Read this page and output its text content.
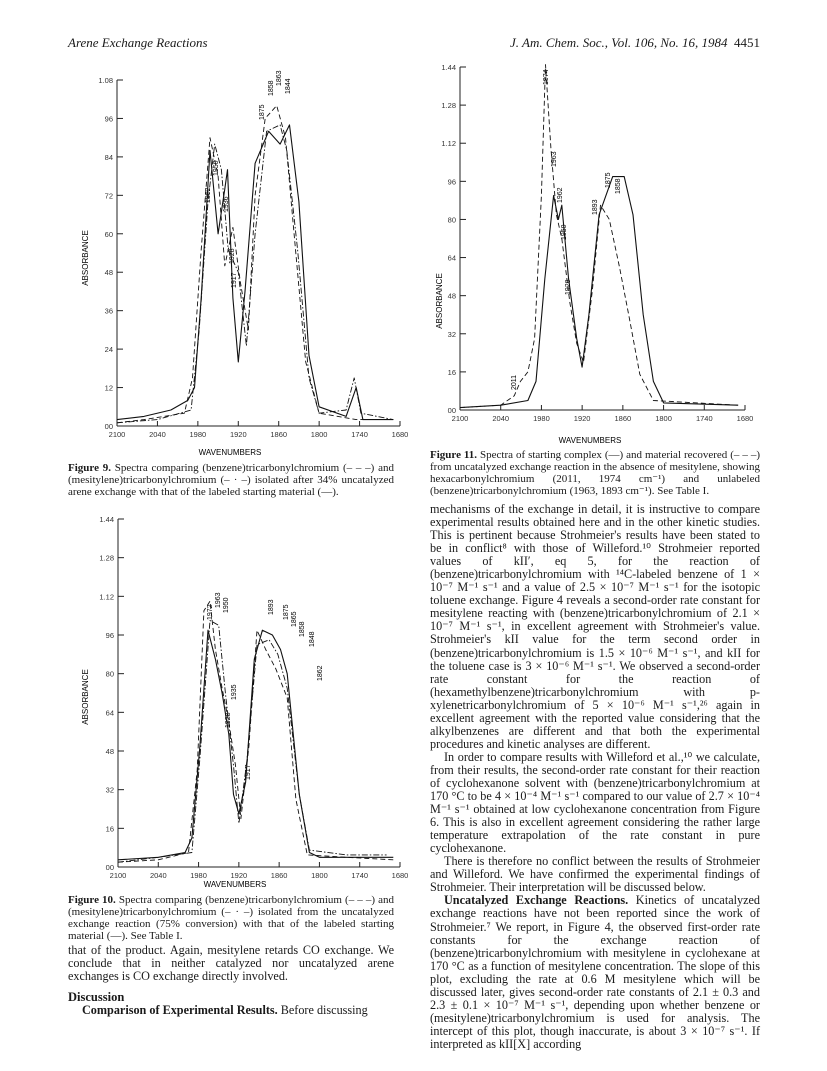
Arene Exchange Reactions	J. Am. Chem. Soc., Vol. 106, No. 16, 1984 4451
1962
1950
1936
1928
1917
1875
1858
1863
1844
ABSORBANCE
WAVENUMBERS
00
12
24
36
48
60
72
84
96
1.08
2100	2040	1980	1920	1860	1800	1740	1680
Figure 9. Spectra comparing (benzene)tricarbonylchromium (– – –) and (mesitylene)tricarbonylchromium (– · –) isolated after 34% uncatalyzed arene exchange with that of the labeled starting material (—).
1972
1963 1950
1935
1928
1917
1893 1875 1865
1858
1848
1862
ABSORBANCE
WAVENUMBERS
00
16
32
48
64
80
96
1.12
1.28
1.44
2100	2040	1980	1920	1860	1800	1740	1680
Figure 10. Spectra comparing (benzene)tricarbonylchromium (– – –) and (mesitylene)tricarbonylchromium (– · –) isolated from the uncatalyzed exchange reaction (75% conversion) with that of the labeled starting material (—). See Table I.

that of the product. Again, mesitylene retards CO exchange. We conclude that in neither catalyzed nor uncatalyzed arene exchanges is CO exchange directly involved.

Discussion

Comparison of Experimental Results. Before discussing

1974
1963
1962
1950
1928
2011
1893
1875 1858
ABSORBANCE
WAVENUMBERS
00
16
32
48
64
80
96
1.12
1.28
1.44
2100	2040	1980	1920	1860	1800	1740	1680
Figure 11. Spectra of starting complex (—) and material recovered (– – –) from uncatalyzed exchange reaction in the absence of mesitylene, showing hexacarbonylchromium (2011, 1974 cm⁻¹) and unlabeled (benzene)tricarbonylchromium (1963, 1893 cm⁻¹). See Table I.

mechanisms of the exchange in detail, it is instructive to compare experimental results obtained here and in the other kinetic studies. This is pertinent because Strohmeier's results have been stated to be in conflict⁸ with those of Willeford.¹⁰ Strohmeier reported values of kII′, eq 5, for the reaction of (benzene)tricarbonylchromium with ¹⁴C-labeled benzene of 1 × 10⁻⁷ M⁻¹ s⁻¹ and a value of 2.5 × 10⁻⁷ M⁻¹ s⁻¹ for the isotopic toluene exchange. Figure 4 reveals a second-order rate constant for mesitylene reacting with (benzene)tricarbonylchromium of 2.1 × 10⁻⁷ M⁻¹ s⁻¹, in excellent agreement with Strohmeier's value. Strohmeier's kII value for the term second order in (benzene)tricarbonylchromium is 1.5 × 10⁻⁶ M⁻¹ s⁻¹, and kII for the toluene case is 3 × 10⁻⁶ M⁻¹ s⁻¹. We observed a second-order rate constant for the reaction of (hexamethylbenzene)tricarbonylchromium with p-xylenetricarbonylchromium of 5 × 10⁻⁶ M⁻¹ s⁻¹,²⁶ again in excellent agreement with the reported value considering that the alkylbenzenes are different and that both the experimental procedures and kinetic analyses are different.

In order to compare results with Willeford et al.,¹⁰ we calculate, from their results, the second-order rate constant for their reaction of cyclohexanone solvent with (benzene)tricarbonylchromium at 170 °C to be 4 × 10⁻⁴ M⁻¹ s⁻¹ compared to our value of 2.7 × 10⁻⁴ M⁻¹ s⁻¹ obtained at low cyclohexanone concentration from Figure 6. This is also in excellent agreement considering the rather large temperature extrapolation of the rate constant in pure cyclohexanone.

There is therefore no conflict between the results of Strohmeier and Willeford. We have confirmed the experimental findings of Strohmeier. Their interpretation will be discussed below.

Uncatalyzed Exchange Reactions. Kinetics of uncatalyzed exchange reactions have not been reported since the work of Strohmeier.⁷ We report, in Figure 4, the observed first-order rate constants for the exchange reaction of (benzene)tricarbonylchromium with mesitylene in cyclohexane at 170 °C as a function of mesitylene concentration. The slope of this plot, excluding the rate at 0.6 M mesitylene which will be discussed later, gives second-order rate constants of 2.1 ± 0.3 and 2.3 ± 0.1 × 10⁻⁷ M⁻¹ s⁻¹, depending upon whether benzene or (mesitylene)tricarbonylchromium is used for analysis. The intercept of this plot, though inaccurate, is about 3 × 10⁻⁷ s⁻¹. If interpreted as kII[X] according
